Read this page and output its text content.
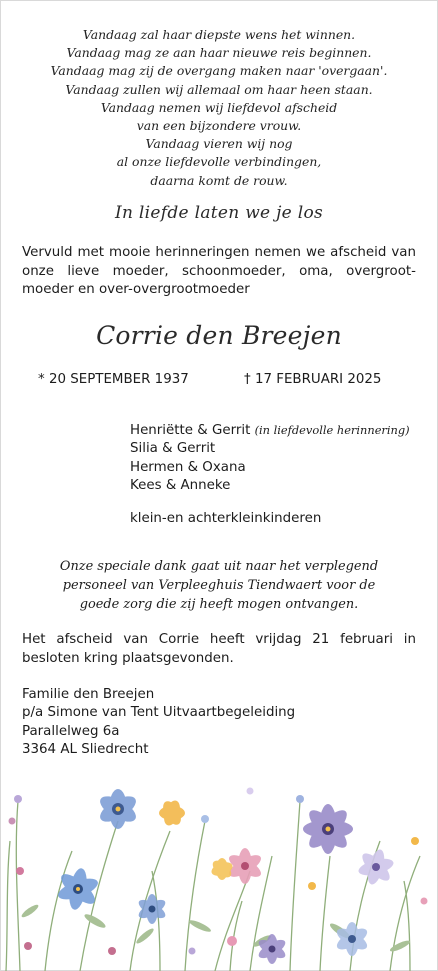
Vandaag zal haar diepste wens het winnen.
Vandaag mag ze aan haar nieuwe reis beginnen.
Vandaag mag zij de overgang maken naar 'overgaan'.
Vandaag zullen wij allemaal om haar heen staan.
Vandaag nemen wij liefdevol afscheid
van een bijzondere vrouw.
Vandaag vieren wij nog
al onze liefdevolle verbindingen,
daarna komt de rouw.
In liefde laten we je los
Vervuld met mooie herinneringen nemen we afscheid van onze lieve moeder, schoonmoeder, oma, overgroot-moeder en over-overgrootmoeder
Corrie den Breejen
* 20 SEPTEMBER 1937	† 17 FEBRUARI 2025
Henriëtte & Gerrit (in liefdevolle herinnering)
Silia & Gerrit
Hermen & Oxana
Kees & Anneke
klein-en achterkleinkinderen
Onze speciale dank gaat uit naar het verplegend
personeel van Verpleeghuis Tiendwaert voor de
goede zorg die zij heeft mogen ontvangen.
Het afscheid van Corrie heeft vrijdag 21 februari in besloten kring plaatsgevonden.
Familie den Breejen
p/a Simone van Tent Uitvaartbegeleiding
Parallelweg 6a
3364 AL Sliedrecht
